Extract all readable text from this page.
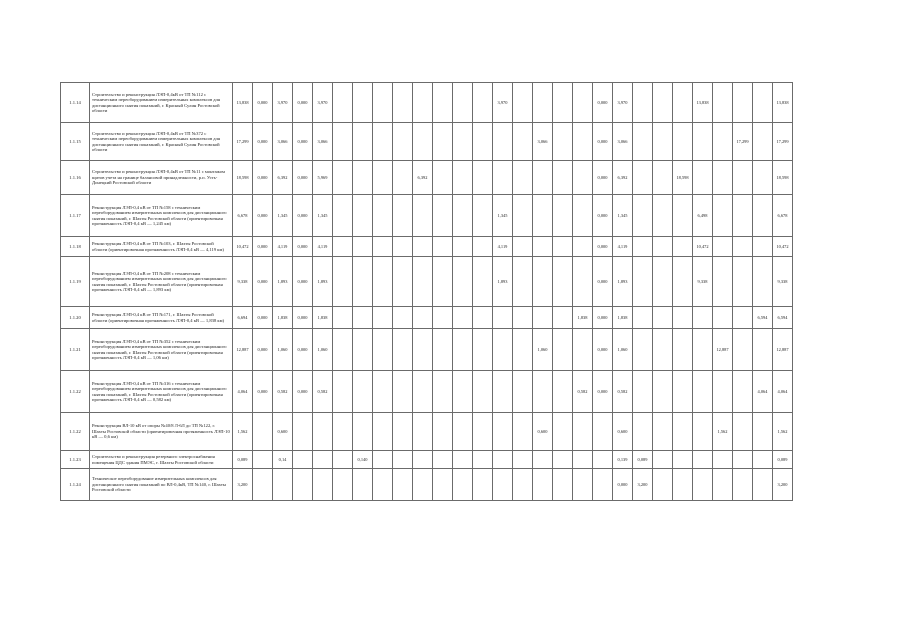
1.1.14	Строительство и реконструкция ЛЭП-0,4кВ от ТП №112 с техническим переоборудованием измерительных комплексов для дистанционного снятия показаний, г. Красный Сулин Ростовской области	13,838	0,000	3,970	0,000	3,970									3,970					0,000	3,970				13,838				13,838
1.1.15	Строительство и реконструкция ЛЭП-0,4кВ от ТП №372 с техническим переоборудованием измерительных комплексов для дистанционного снятия показаний, г. Красный Сулин Ростовской области	17,299	0,000	3,066	0,000	3,066											3,066			0,000	3,066						17,299		17,299
1.1.16	Строительство и реконструкция ЛЭП-0,4кВ от ТП №11 с монтажом щитов учета на границе балансовой принадлежности, р.п. Усть-Донецкий Ростовской области	18,598	0,000	6,392	0,000	5,969					6,392									0,000	6,392			18,598					18,598
1.1.17	Реконструкция ЛЭП-0,4 кВ от ТП №158 с техническим переоборудованием измерительных комплексов для дистанционного снятия показаний, г. Шахты Ростовской области (ориентировочная протяженность ЛЭП-0,4 кВ — 1,245 км)	6,678	0,000	1,345	0,000	1,345									1,345					0,000	1,345				6,498				6,678
1.1.18	Реконструкция ЛЭП-0,4 кВ от ТП №103, г. Шахты Ростовской области (ориентировочная протяженность ЛЭП-0,4 кВ — 4,119 км)	10,472	0,000	4,119	0,000	4,119									4,119					0,000	4,119				10,472				10,472
1.1.19	Реконструкция ЛЭП-0,4 кВ от ТП №208 с техническим переоборудованием измерительных комплексов для дистанционного снятия показаний, г. Шахты Ростовской области (ориентировочная протяженность ЛЭП-0,4 кВ — 1,893 км)	9,338	0,000	1,893	0,000	1,893									1,893					0,000	1,893				9,338				9,338
1.1.20	Реконструкция ЛЭП-0,4 кВ от ТП №171, г. Шахты Ростовской области (ориентировочная протяженность ЛЭП-0,4 кВ — 1,838 км)	6,694	0,000	1,838	0,000	1,838													1,838	0,000	1,838							6,594	6,594
1.1.21	Реконструкция ЛЭП-0,4 кВ от ТП №352 с техническим переоборудованием измерительных комплексов для дистанционного снятия показаний, г. Шахты Ростовской области (ориентировочная протяженность ЛЭП-0,4 кВ — 1,06 км)	12,887	0,000	1,060	0,000	1,060											1,060			0,000	1,060					12,887			12,887
1.1.22	Реконструкция ЛЭП-0,4 кВ от ТП №316 с техническим переоборудованием измерительных комплексов для дистанционного снятия показаний, г. Шахты Ростовской области (ориентировочная протяженность ЛЭП-0,4 кВ — 0,582 км)	4,064	0,000	0,582	0,000	0,582													0,582	0,000	0,582							4,064	4,064
1.1.22	Реконструкция ВЛ-10 кВ от опоры №40/8 Л-6Л до ТП №122, г. Шахты Ростовской области (ориентировочная протяженность ЛЭП-10 кВ — 0,6 км)	1,562		0,600													0,600				0,600					1,562			1,562
1.1.23	Строительство и реконструкция резервного электроснабжения помещения ЦДС здания ПМЭС, г. Шахты Ростовской области	0,089		0,14				0,140													0,139	0,089							0,089
1.1.24	Техническое переоборудование измерительных комплексов для дистанционного снятия показаний по ВЛ-0,4кВ, ТП №140, г. Шахты Ростовской области	3,200																			0,000	3,200							3,200
